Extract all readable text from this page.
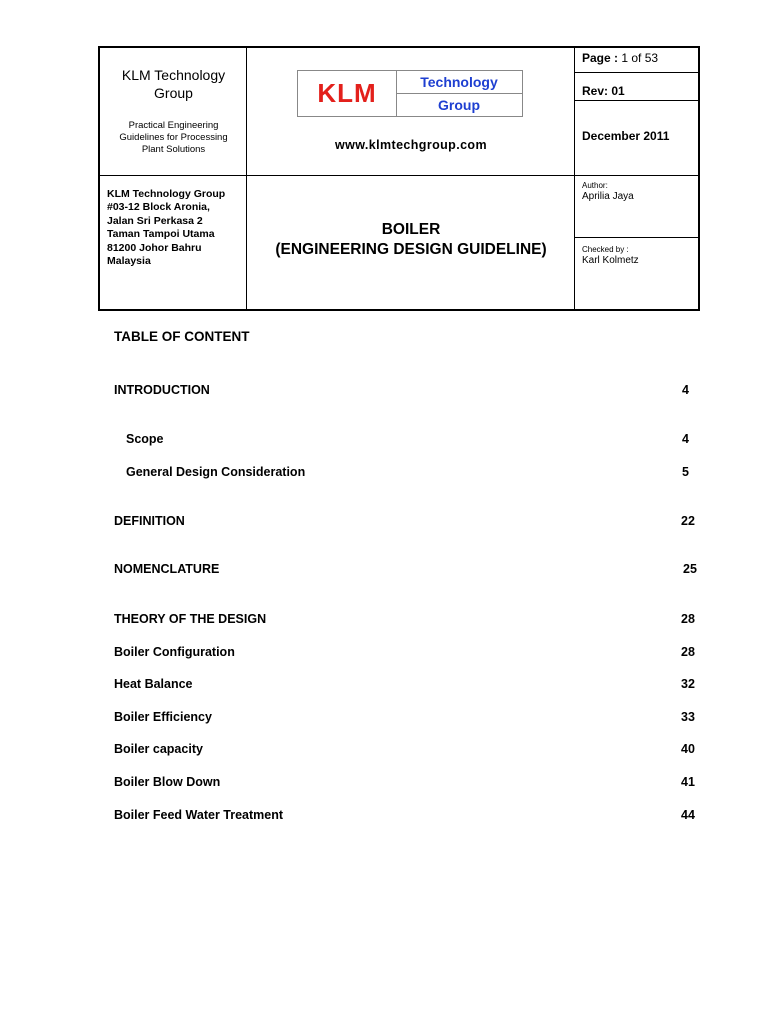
KLM Technology Group
Practical Engineering Guidelines for Processing Plant Solutions
KLM	Technology
Group
www.klmtechgroup.com
Page : 1 of 53
Rev: 01
December 2011
KLM Technology Group
#03-12 Block Aronia,
Jalan Sri Perkasa 2
Taman Tampoi Utama
81200 Johor Bahru
Malaysia
BOILER
(ENGINEERING DESIGN GUIDELINE)
Author:
Aprilia Jaya
Checked by :
Karl Kolmetz
TABLE OF CONTENT
INTRODUCTION	4
Scope	4
General Design Consideration	5
DEFINITION	22
NOMENCLATURE	25
THEORY OF THE DESIGN	28
Boiler Configuration	28
Heat Balance	32
Boiler Efficiency	33
Boiler capacity	40
Boiler Blow Down	41
Boiler Feed Water Treatment	44
